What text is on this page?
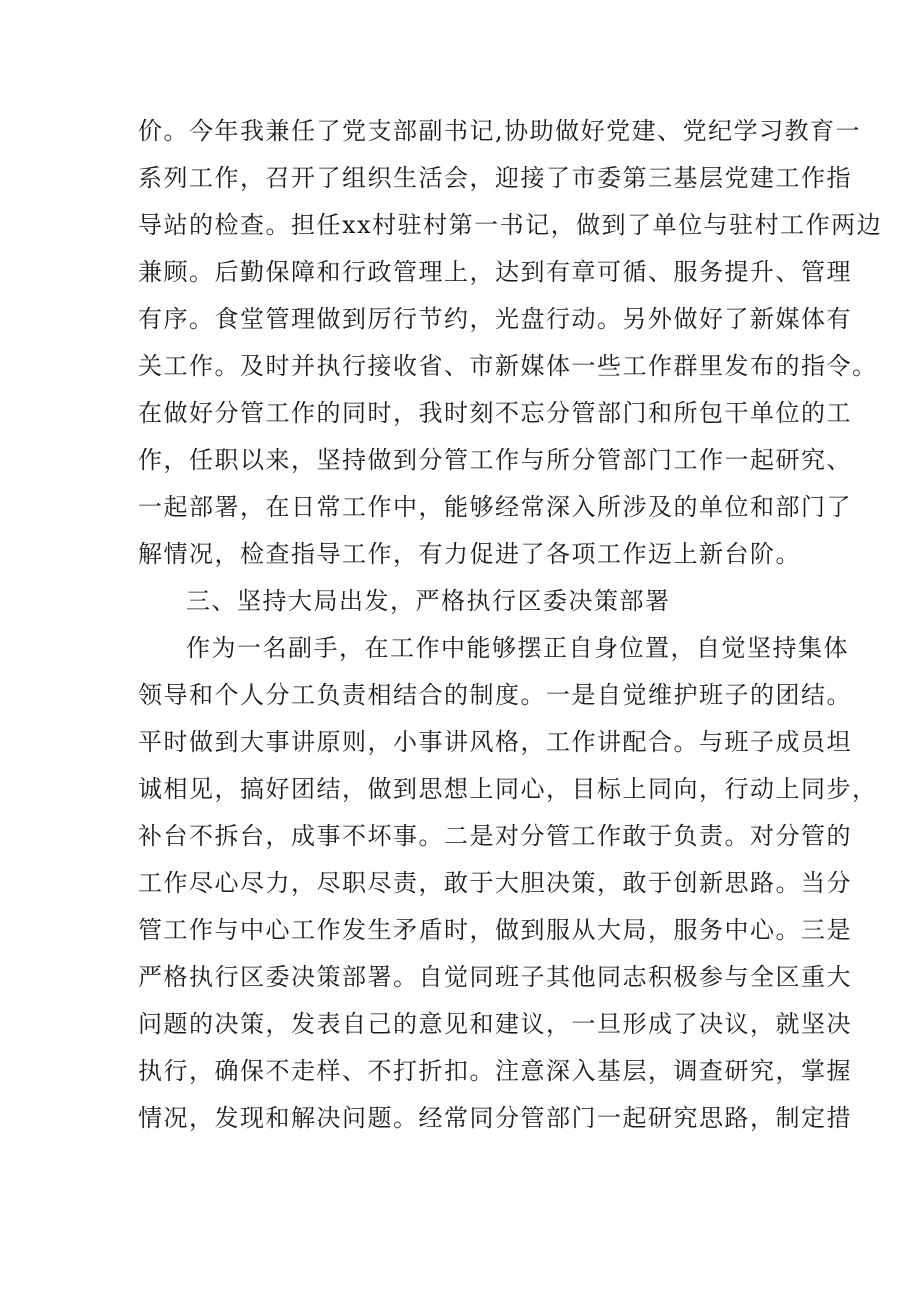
价。今年我兼任了党支部副书记,协助做好党建、党纪学习教育一
系列工作，召开了组织生活会，迎接了市委第三基层党建工作指
导站的检查。担任xx村驻村第一书记，做到了单位与驻村工作两边
兼顾。后勤保障和行政管理上，达到有章可循、服务提升、管理
有序。食堂管理做到厉行节约，光盘行动。另外做好了新媒体有
关工作。及时并执行接收省、市新媒体一些工作群里发布的指令。
在做好分管工作的同时，我时刻不忘分管部门和所包干单位的工
作，任职以来，坚持做到分管工作与所分管部门工作一起研究、
一起部署，在日常工作中，能够经常深入所涉及的单位和部门了
解情况，检查指导工作，有力促进了各项工作迈上新台阶。
三、坚持大局出发，严格执行区委决策部署
作为一名副手，在工作中能够摆正自身位置，自觉坚持集体
领导和个人分工负责相结合的制度。一是自觉维护班子的团结。
平时做到大事讲原则，小事讲风格，工作讲配合。与班子成员坦
诚相见，搞好团结，做到思想上同心，目标上同向，行动上同步，
补台不拆台，成事不坏事。二是对分管工作敢于负责。对分管的
工作尽心尽力，尽职尽责，敢于大胆决策，敢于创新思路。当分
管工作与中心工作发生矛盾时，做到服从大局，服务中心。三是
严格执行区委决策部署。自觉同班子其他同志积极参与全区重大
问题的决策，发表自己的意见和建议，一旦形成了决议，就坚决
执行，确保不走样、不打折扣。注意深入基层，调查研究，掌握
情况，发现和解决问题。经常同分管部门一起研究思路，制定措
